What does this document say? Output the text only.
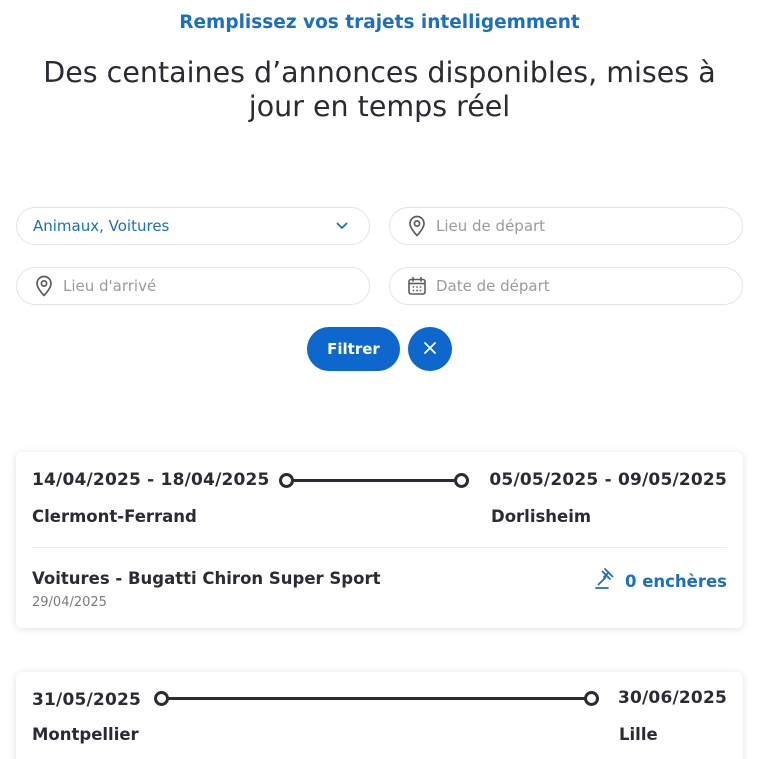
Remplissez vos trajets intelligemment
Des centaines d’annonces disponibles, mises à jour en temps réel
Animaux, Voitures	Lieu de départ
Lieu d'arrivé	Date de départ
Filtrer
14/04/2025 - 18/04/2025	05/05/2025 - 09/05/2025
Clermont-Ferrand	Dorlisheim
Voitures - Bugatti Chiron Super Sport
29/04/2025
0 enchères
31/05/2025	30/06/2025
Montpellier	Lille
